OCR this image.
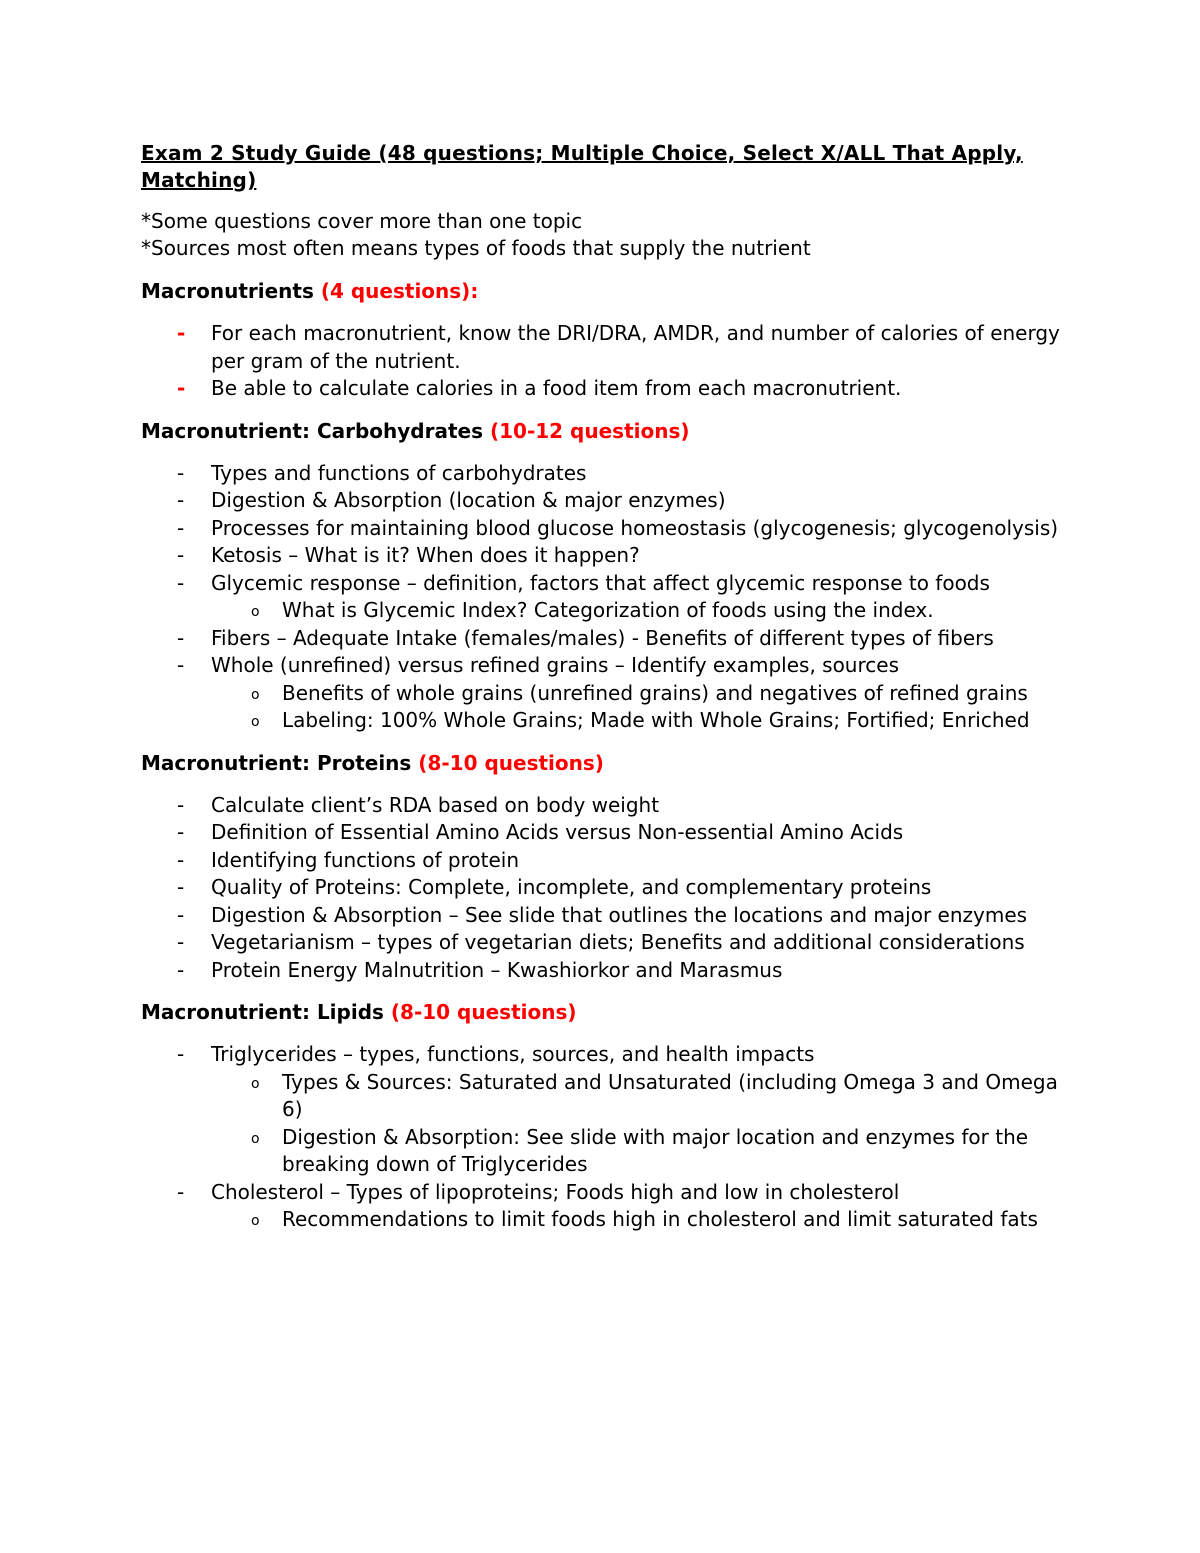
Exam 2 Study Guide (48 questions; Multiple Choice, Select X/ALL That Apply, Matching)

*Some questions cover more than one topic

*Sources most often means types of foods that supply the nutrient

Macronutrients (4 questions):
- For each macronutrient, know the DRI/DRA, AMDR, and number of calories of energy per gram of the nutrient.
- Be able to calculate calories in a food item from each macronutrient.
Macronutrient: Carbohydrates (10-12 questions)
- Types and functions of carbohydrates
- Digestion & Absorption (location & major enzymes)
- Processes for maintaining blood glucose homeostasis (glycogenesis; glycogenolysis)
- Ketosis – What is it? When does it happen?
- Glycemic response – definition, factors that affect glycemic response to foods
o What is Glycemic Index? Categorization of foods using the index.
- Fibers – Adequate Intake (females/males) - Benefits of different types of fibers
- Whole (unrefined) versus refined grains – Identify examples, sources
o Benefits of whole grains (unrefined grains) and negatives of refined grains
o Labeling: 100% Whole Grains; Made with Whole Grains; Fortified; Enriched
Macronutrient: Proteins (8-10 questions)
- Calculate client’s RDA based on body weight
- Definition of Essential Amino Acids versus Non-essential Amino Acids
- Identifying functions of protein
- Quality of Proteins: Complete, incomplete, and complementary proteins
- Digestion & Absorption – See slide that outlines the locations and major enzymes
- Vegetarianism – types of vegetarian diets; Benefits and additional considerations
- Protein Energy Malnutrition – Kwashiorkor and Marasmus
Macronutrient: Lipids (8-10 questions)
- Triglycerides – types, functions, sources, and health impacts
o Types & Sources: Saturated and Unsaturated (including Omega 3 and Omega 6)
o Digestion & Absorption: See slide with major location and enzymes for the breaking down of Triglycerides
- Cholesterol – Types of lipoproteins; Foods high and low in cholesterol
o Recommendations to limit foods high in cholesterol and limit saturated fats
